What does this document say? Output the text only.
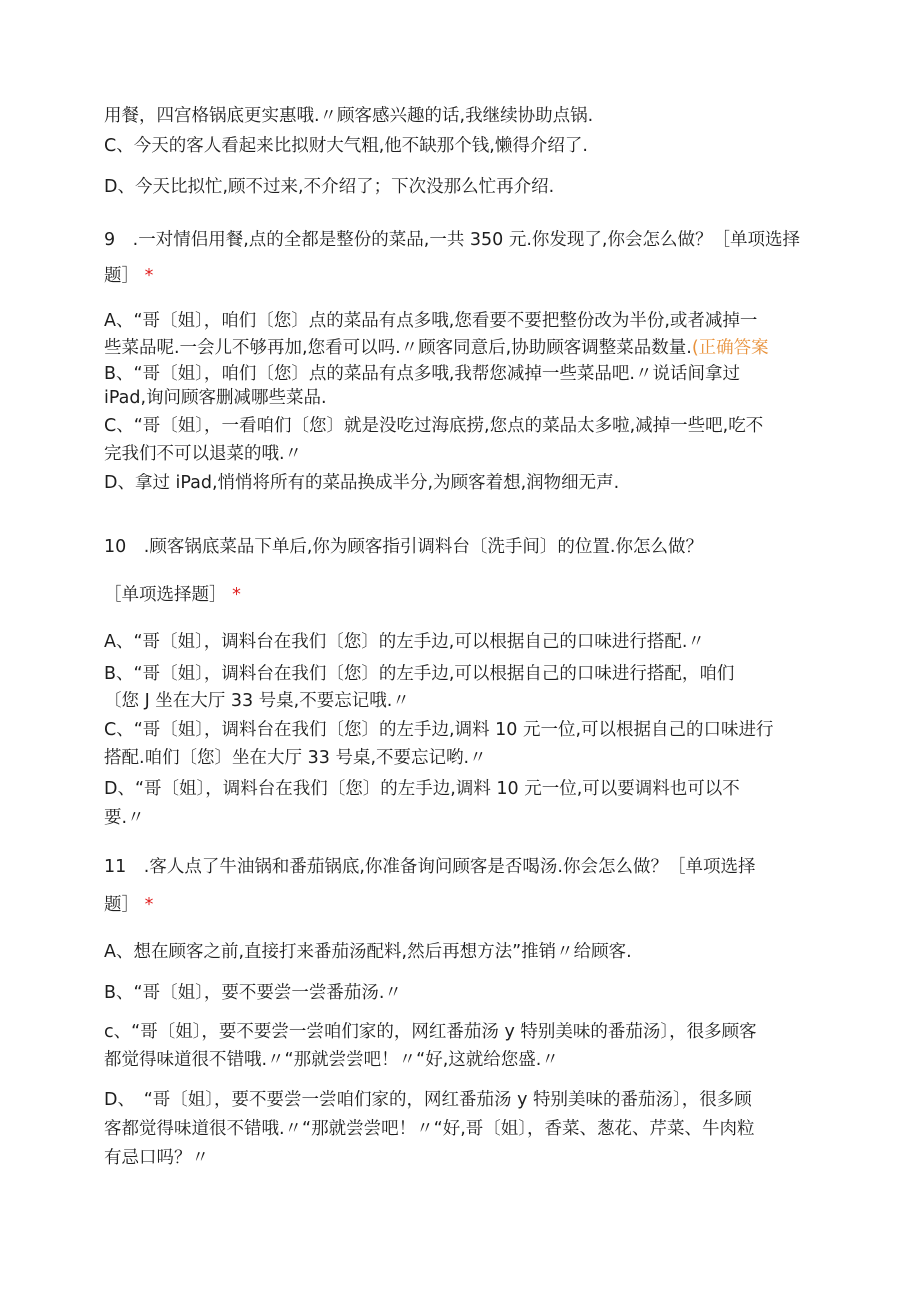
用餐，四宫格锅底更实惠哦.〃顾客感兴趣的话,我继续协助点锅.

C、今天的客人看起来比拟财大气粗,他不缺那个钱,懒得介绍了.

D、今天比拟忙,顾不过来,不介绍了；下次没那么忙再介绍.

9　.一对情侣用餐,点的全都是整份的菜品,一共 350 元.你发现了,你会怎么做？［单项选择

题］ *

A、“哥〔姐〕，咱们〔您〕点的菜品有点多哦,您看要不要把整份改为半份,或者减掉一

些菜品呢.一会儿不够再加,您看可以吗.〃顾客同意后,协助顾客调整菜品数量.(正确答案

B、“哥〔姐〕，咱们〔您〕点的菜品有点多哦,我帮您减掉一些菜品吧.〃说话间拿过

iPad,询问顾客删减哪些菜品.

C、“哥〔姐〕，一看咱们〔您〕就是没吃过海底捞,您点的菜品太多啦,减掉一些吧,吃不

完我们不可以退菜的哦.〃

D、拿过 iPad,悄悄将所有的菜品换成半分,为顾客着想,润物细无声.

10　.顾客锅底菜品下单后,你为顾客指引调料台〔洗手间〕的位置.你怎么做？

［单项选择题］ *

A、“哥〔姐〕，调料台在我们〔您〕的左手边,可以根据自己的口味进行搭配.〃

B、“哥〔姐〕，调料台在我们〔您〕的左手边,可以根据自己的口味进行搭配，咱们

〔您 J 坐在大厅 33 号桌,不要忘记哦.〃

C、“哥〔姐〕，调料台在我们〔您〕的左手边,调料 10 元一位,可以根据自己的口味进行

搭配.咱们〔您〕坐在大厅 33 号桌,不要忘记哟.〃

D、“哥〔姐〕，调料台在我们〔您〕的左手边,调料 10 元一位,可以要调料也可以不

要.〃

11　.客人点了牛油锅和番茄锅底,你准备询问顾客是否喝汤.你会怎么做？［单项选择

题］ *

A、想在顾客之前,直接打来番茄汤配料,然后再想方法”推销〃给顾客.

B、“哥〔姐〕，要不要尝一尝番茄汤.〃

c、“哥〔姐〕，要不要尝一尝咱们家的，网红番茄汤 y 特别美味的番茄汤〕，很多顾客

都觉得味道很不错哦.〃“那就尝尝吧！〃“好,这就给您盛.〃

D、　“哥〔姐〕，要不要尝一尝咱们家的，网红番茄汤 y 特别美味的番茄汤〕，很多顾

客都觉得味道很不错哦.〃“那就尝尝吧！〃“好,哥〔姐〕，香菜、葱花、芹菜、牛肉粒

有忌口吗？〃
